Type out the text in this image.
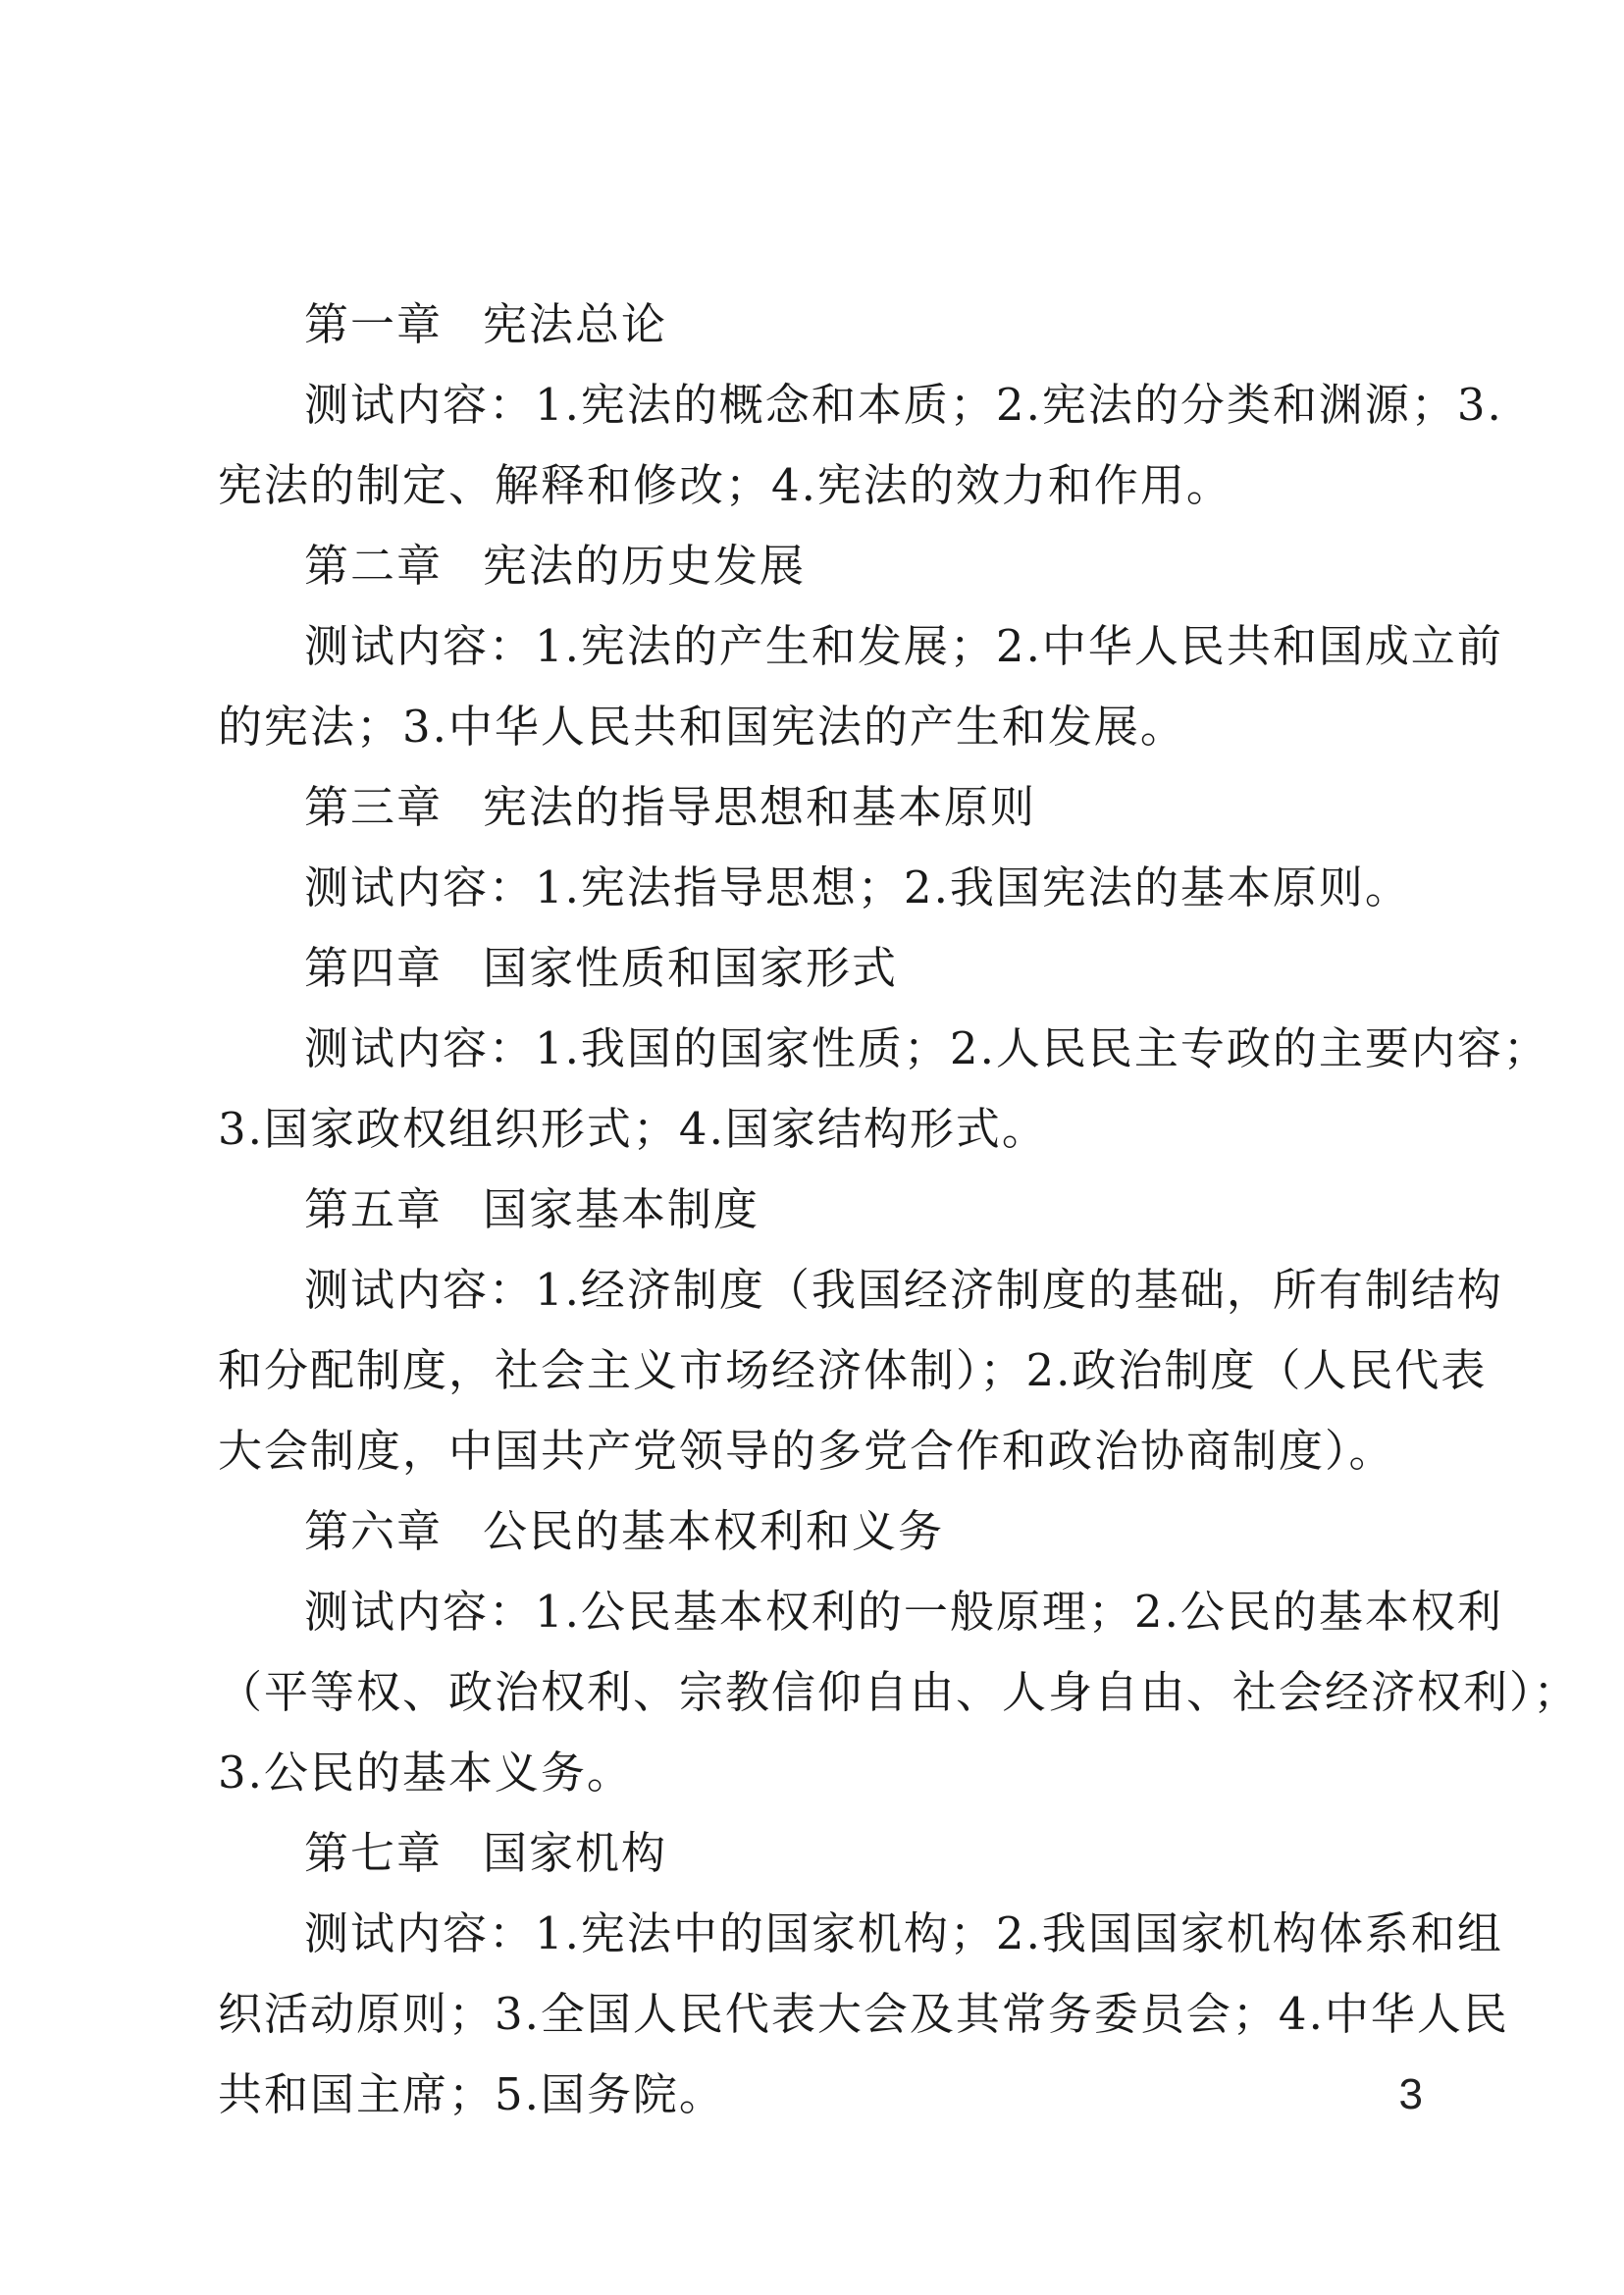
第一章 宪法总论
测试内容：1.宪法的概念和本质；2.宪法的分类和渊源；3.
宪法的制定、解释和修改；4.宪法的效力和作用。
第二章 宪法的历史发展
测试内容：1.宪法的产生和发展；2.中华人民共和国成立前
的宪法；3.中华人民共和国宪法的产生和发展。
第三章 宪法的指导思想和基本原则
测试内容：1.宪法指导思想；2.我国宪法的基本原则。
第四章 国家性质和国家形式
测试内容：1.我国的国家性质；2.人民民主专政的主要内容；
3.国家政权组织形式；4.国家结构形式。
第五章 国家基本制度
测试内容：1.经济制度（我国经济制度的基础，所有制结构
和分配制度，社会主义市场经济体制）；2.政治制度（人民代表
大会制度，中国共产党领导的多党合作和政治协商制度）。
第六章 公民的基本权利和义务
测试内容：1.公民基本权利的一般原理；2.公民的基本权利
（平等权、政治权利、宗教信仰自由、人身自由、社会经济权利）；
3.公民的基本义务。
第七章 国家机构
测试内容：1.宪法中的国家机构；2.我国国家机构体系和组
织活动原则；3.全国人民代表大会及其常务委员会；4.中华人民
共和国主席；5.国务院。	3
